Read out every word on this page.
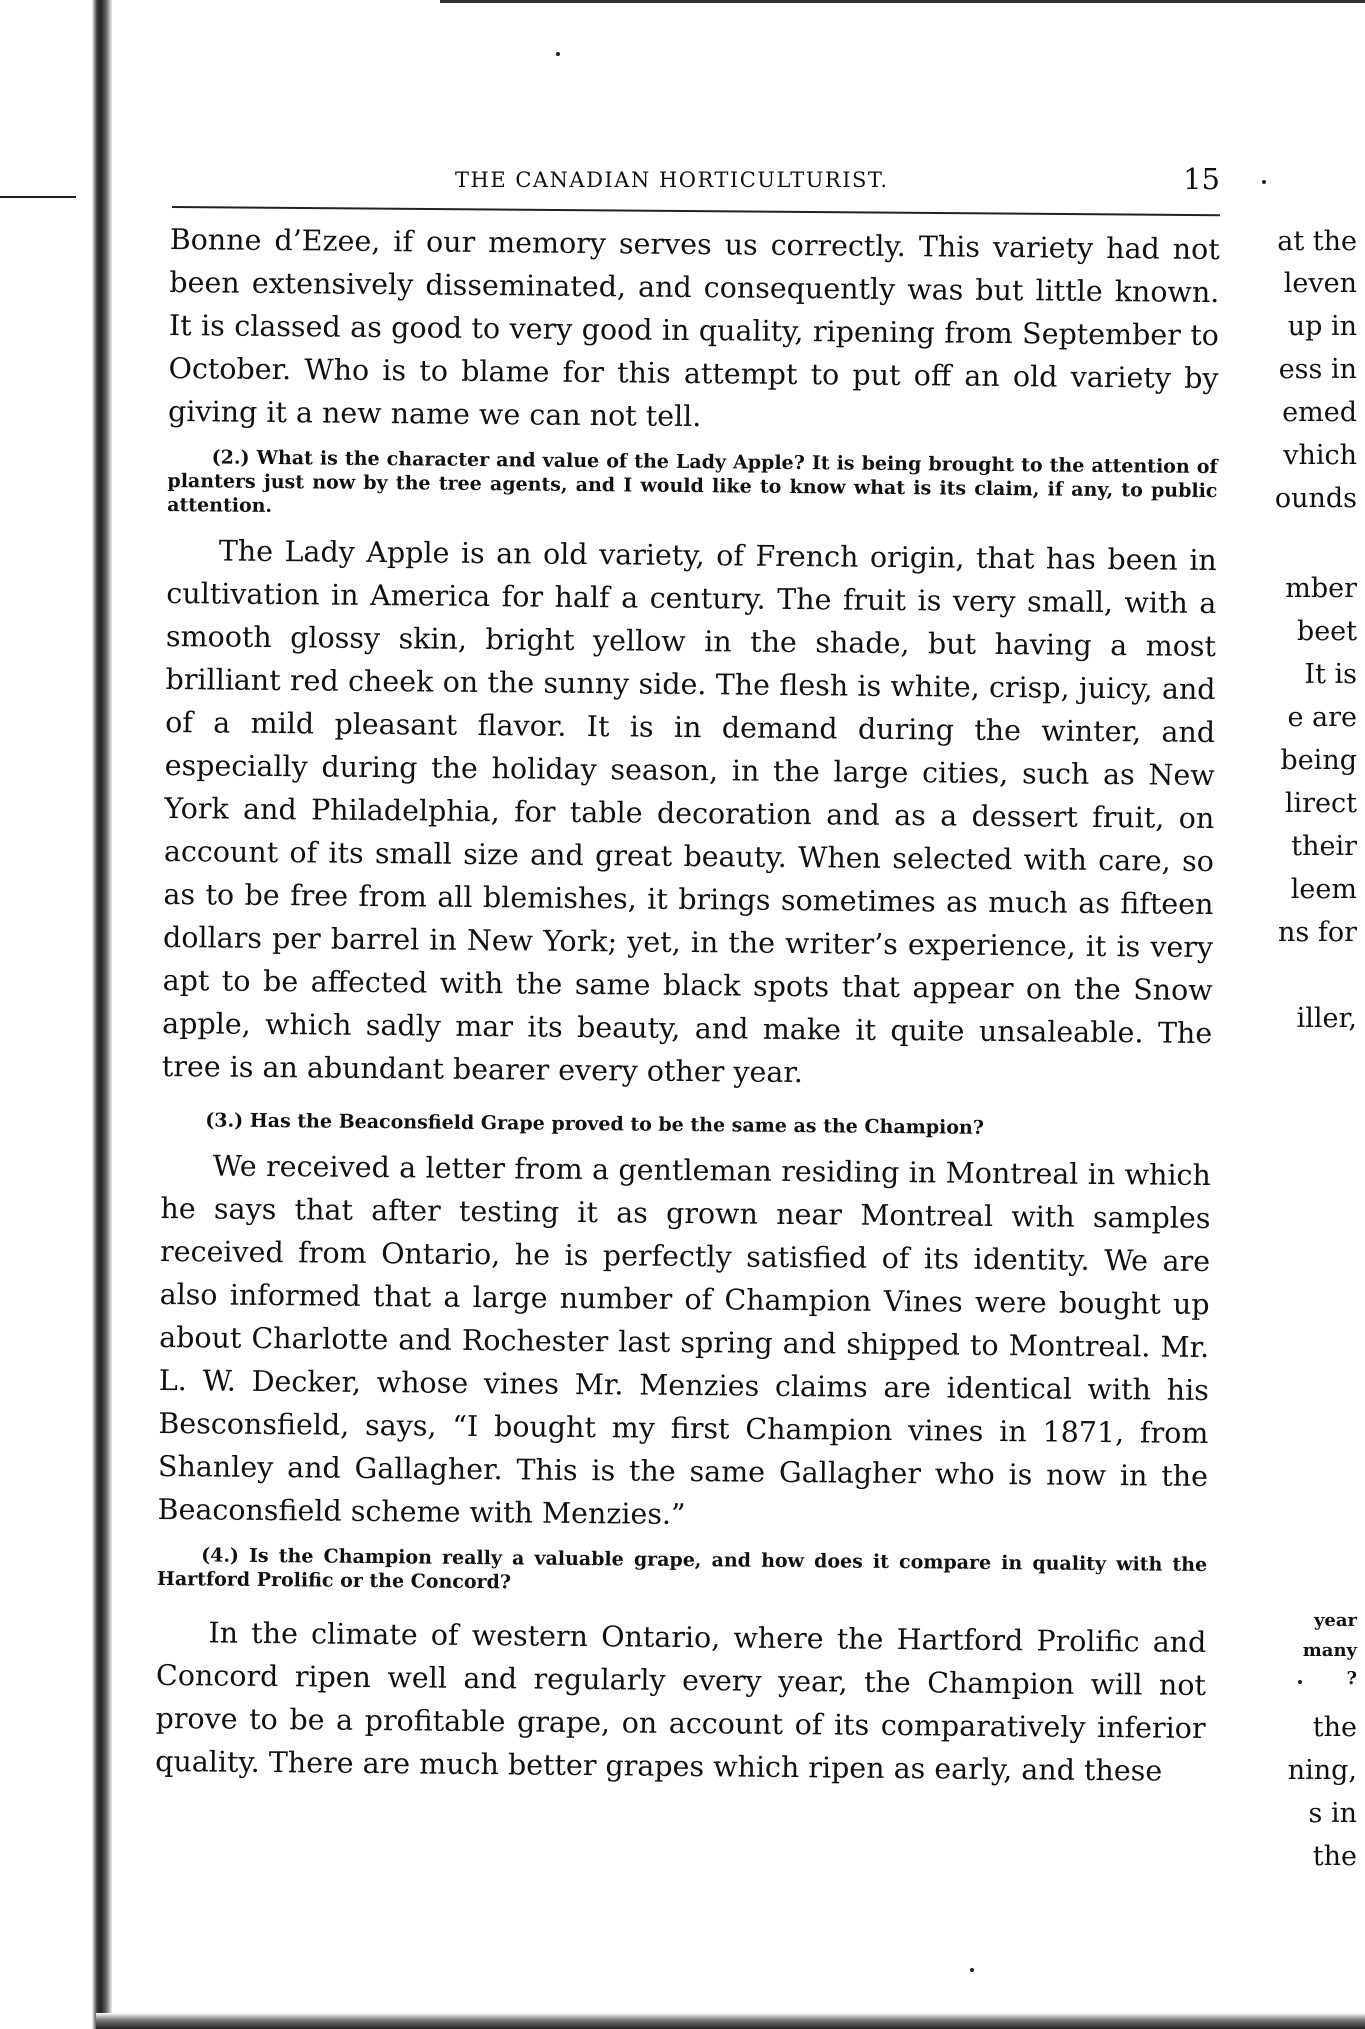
at the
leven
up in
ess in
emed
vhich
ounds
mber
beet
It is
e are
being
lirect
their
leem
ns for
iller,
year
many
?
the
ning,
s in
the
THE CANADIAN HORTICULTURIST.	15

Bonne d’Ezee, if our memory serves us correctly. This variety had not been extensively disseminated, and consequently was but little known. It is classed as good to very good in quality, ripening from September to October. Who is to blame for this attempt to put off an old variety by giving it a new name we can not tell.

(2.) What is the character and value of the Lady Apple? It is being brought to the attention of planters just now by the tree agents, and I would like to know what is its claim, if any, to public attention.

The Lady Apple is an old variety, of French origin, that has been in cultivation in America for half a century. The fruit is very small, with a smooth glossy skin, bright yellow in the shade, but having a most brilliant red cheek on the sunny side. The flesh is white, crisp, juicy, and of a mild pleasant flavor. It is in demand during the winter, and especially during the holiday season, in the large cities, such as New York and Philadelphia, for table decoration and as a dessert fruit, on account of its small size and great beauty. When selected with care, so as to be free from all blemishes, it brings sometimes as much as fifteen dollars per barrel in New York; yet, in the writer’s experience, it is very apt to be affected with the same black spots that appear on the Snow apple, which sadly mar its beauty, and make it quite unsaleable. The tree is an abundant bearer every other year.

(3.) Has the Beaconsfield Grape proved to be the same as the Champion?

We received a letter from a gentleman residing in Montreal in which he says that after testing it as grown near Montreal with samples received from Ontario, he is perfectly satisfied of its identity. We are also informed that a large number of Champion Vines were bought up about Charlotte and Rochester last spring and shipped to Montreal. Mr. L. W. Decker, whose vines Mr. Menzies claims are identical with his Besconsfield, says, “I bought my first Champion vines in 1871, from Shanley and Gallagher. This is the same Gallagher who is now in the Beaconsfield scheme with Menzies.”

(4.) Is the Champion really a valuable grape, and how does it compare in quality with the Hartford Prolific or the Concord?

In the climate of western Ontario, where the Hartford Prolific and Concord ripen well and regularly every year, the Champion will not prove to be a profitable grape, on account of its comparatively inferior quality. There are much better grapes which ripen as early, and these
